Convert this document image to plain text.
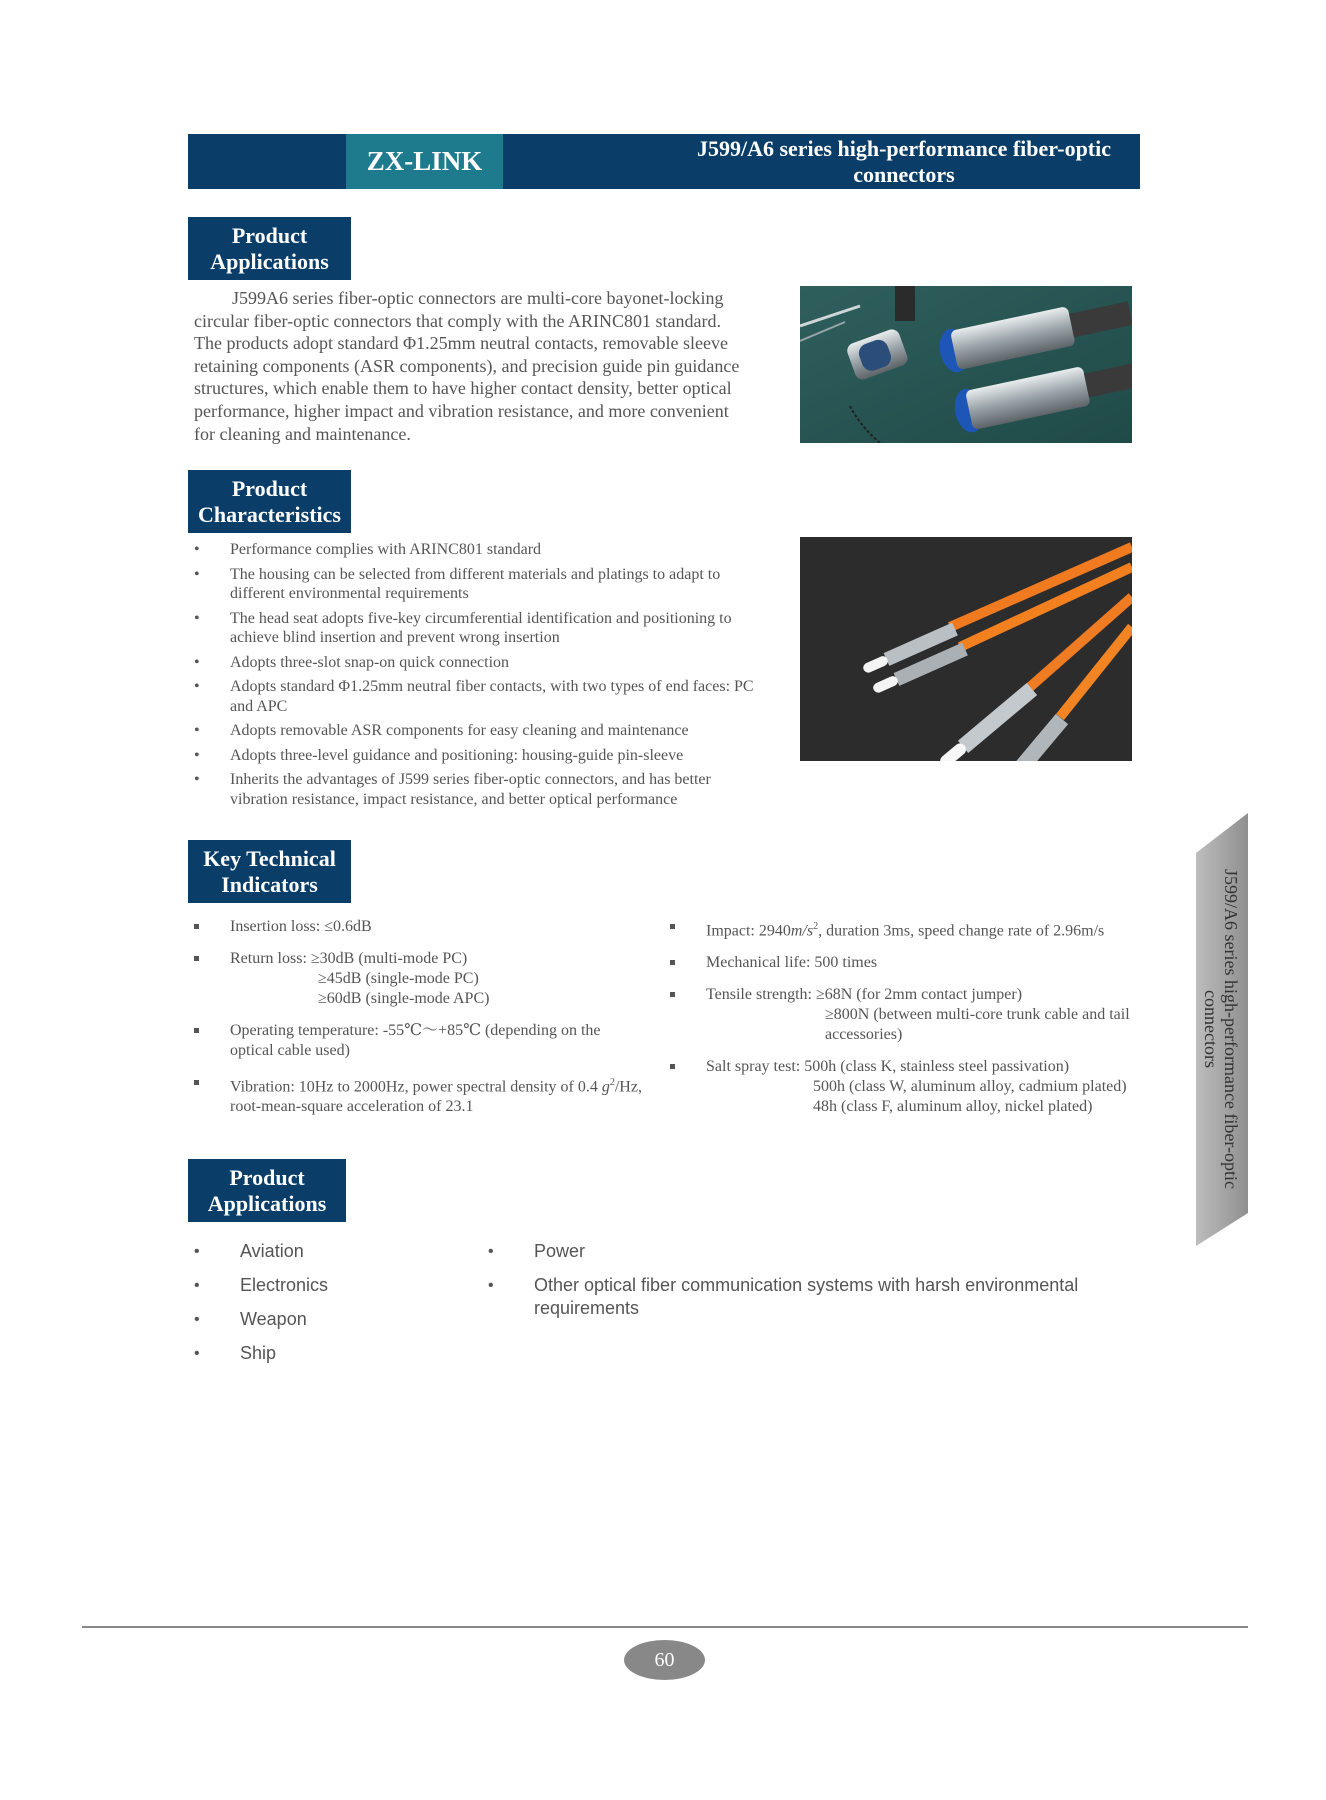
ZX-LINK	J599/A6 series high-performance fiber-optic connectors
Product Applications

J599A6 series fiber-optic connectors are multi-core bayonet-locking circular fiber-optic connectors that comply with the ARINC801 standard. The products adopt standard Φ1.25mm neutral contacts, removable sleeve retaining components (ASR components), and precision guide pin guidance structures, which enable them to have higher contact density, better optical performance, higher impact and vibration resistance, and more convenient for cleaning and maintenance.

Product Characteristics
• Performance complies with ARINC801 standard
• The housing can be selected from different materials and platings to adapt to different environmental requirements
• The head seat adopts five-key circumferential identification and positioning to achieve blind insertion and prevent wrong insertion
• Adopts three-slot snap-on quick connection
• Adopts standard Φ1.25mm neutral fiber contacts, with two types of end faces: PC and APC
• Adopts removable ASR components for easy cleaning and maintenance
• Adopts three-level guidance and positioning: housing-guide pin-sleeve
• Inherits the advantages of J599 series fiber-optic connectors, and has better vibration resistance, impact resistance, and better optical performance
Key Technical Indicators
Insertion loss: ≤0.6dB
Return loss: ≥30dB (multi-mode PC)
≥45dB (single-mode PC)
≥60dB (single-mode APC)
Operating temperature: -55℃～+85℃ (depending on the optical cable used)
Vibration: 10Hz to 2000Hz, power spectral density of 0.4 $g^2/Hz$, root-mean-square acceleration of 23.1
Impact: $2940m/s^2$, duration 3ms, speed change rate of 2.96m/s
Mechanical life: 500 times
Tensile strength: ≥68N (for 2mm contact jumper)
≥800N (between multi-core trunk cable and tail accessories)
Salt spray test: 500h (class K, stainless steel passivation)
500h (class W, aluminum alloy, cadmium plated)
48h (class F, aluminum alloy, nickel plated)
Product Applications
• Aviation
• Electronics
• Weapon
• Ship
• Power
• Other optical fiber communication systems with harsh environmental requirements
J599/A6 series high-performance fiber-optic connectors
60
